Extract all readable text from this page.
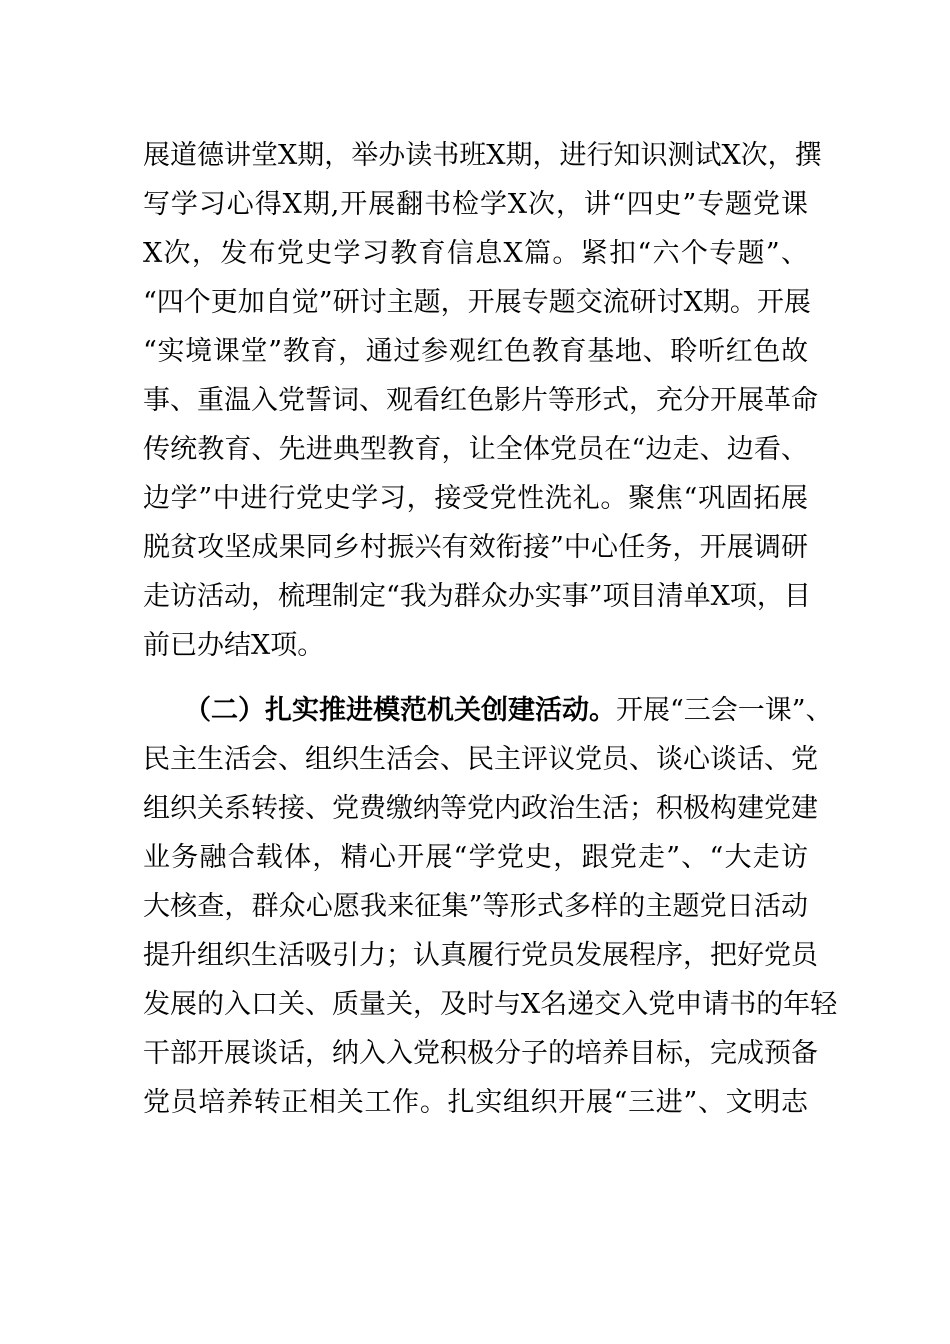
展道德讲堂X期，举办读书班X期，进行知识测试X次，撰
写学习心得X期,开展翻书检学X次，讲“四史”专题党课
X次，发布党史学习教育信息X篇。紧扣“六个专题”、
“四个更加自觉”研讨主题，开展专题交流研讨X期。开展
“实境课堂”教育，通过参观红色教育基地、聆听红色故
事、重温入党誓词、观看红色影片等形式，充分开展革命
传统教育、先进典型教育，让全体党员在“边走、边看、
边学”中进行党史学习，接受党性洗礼。聚焦“巩固拓展
脱贫攻坚成果同乡村振兴有效衔接”中心任务，开展调研
走访活动，梳理制定“我为群众办实事”项目清单X项，目
前已办结X项。
（二）扎实推进模范机关创建活动。开展“三会一课”、
民主生活会、组织生活会、民主评议党员、谈心谈话、党
组织关系转接、党费缴纳等党内政治生活；积极构建党建
业务融合载体，精心开展“学党史，跟党走”、“大走访
大核查，群众心愿我来征集”等形式多样的主题党日活动
提升组织生活吸引力；认真履行党员发展程序，把好党员
发展的入口关、质量关，及时与X名递交入党申请书的年轻
干部开展谈话，纳入入党积极分子的培养目标，完成预备
党员培养转正相关工作。扎实组织开展“三进”、文明志
